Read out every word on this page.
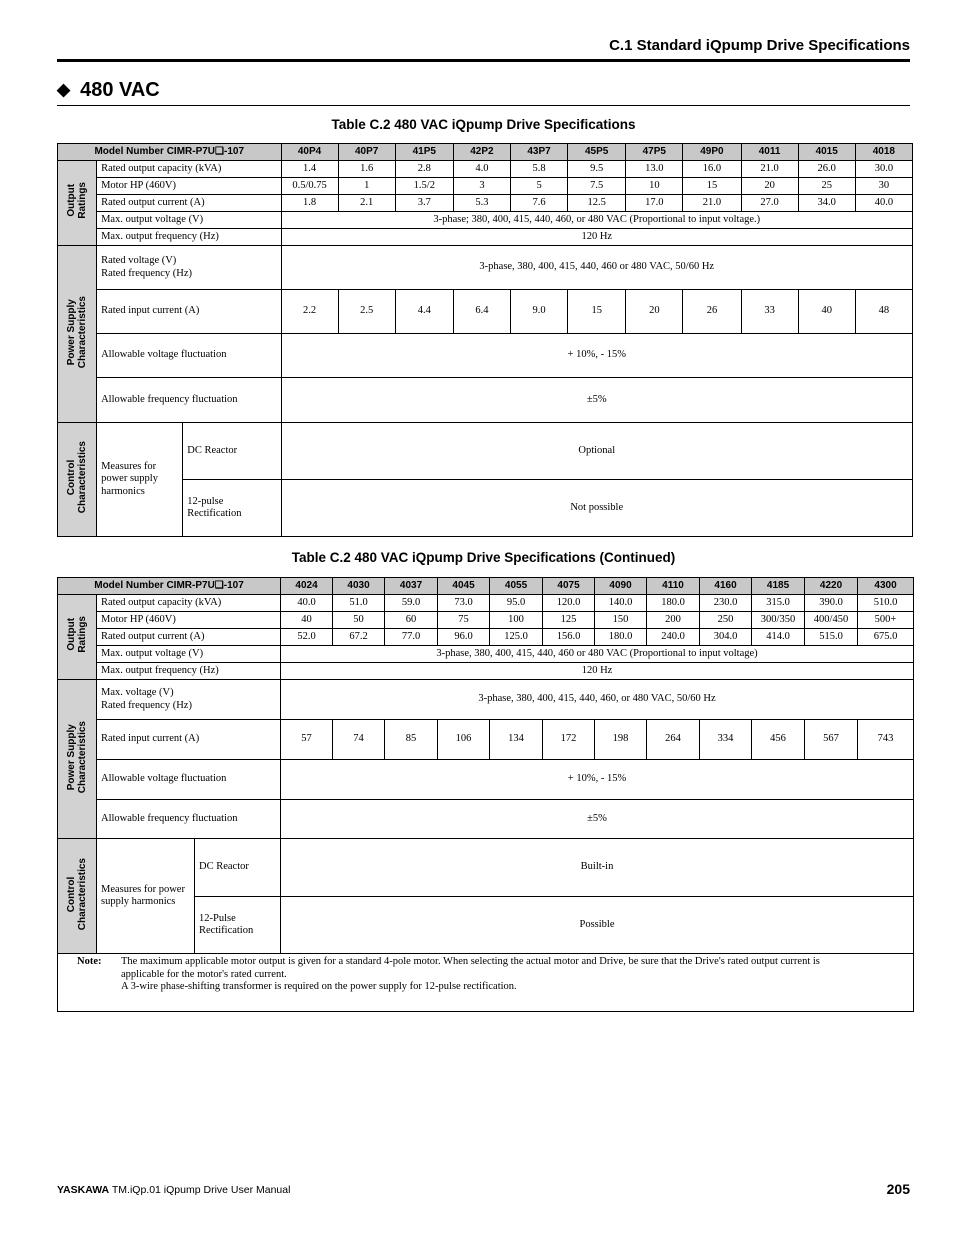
C.1 Standard iQpump Drive Specifications
◆ 480 VAC
Table C.2 480 VAC iQpump Drive Specifications
Model Number CIMR-P7U❑-107			40P4	40P7	41P5	42P2	43P7	45P5	47P5	49P0	4011	4015	4018
Output
Ratings	Rated output capacity (kVA)		1.4	1.6	2.8	4.0	5.8	9.5	13.0	16.0	21.0	26.0	30.0
	Motor HP (460V)		0.5/0.75	1	1.5/2	3	5	7.5	10	15	20	25	30
	Rated output current (A)		1.8	2.1	3.7	5.3	7.6	12.5	17.0	21.0	27.0	34.0	40.0
	Max. output voltage (V)		3-phase; 380, 400, 415, 440, 460, or 480 VAC (Proportional to input voltage.)										
	Max. output frequency (Hz)		120 Hz										
Power Supply
Characteristics	Rated voltage (V)
Rated frequency (Hz)		3-phase, 380, 400, 415, 440, 460 or 480 VAC, 50/60 Hz										
	Rated input current (A)		2.2	2.5	4.4	6.4	9.0	15	20	26	33	40	48
	Allowable voltage fluctuation		+ 10%, - 15%										
	Allowable frequency fluctuation		±5%										
Control
Characteristics	Measures for
power supply
harmonics	DC Reactor	Optional										
		12-pulse
Rectification	Not possible										
Table C.2 480 VAC iQpump Drive Specifications (Continued)
Model Number CIMR-P7U❑-107			4024	4030	4037	4045	4055	4075	4090	4110	4160	4185	4220	4300
Output
Ratings	Rated output capacity (kVA)		40.0	51.0	59.0	73.0	95.0	120.0	140.0	180.0	230.0	315.0	390.0	510.0
	Motor HP (460V)		40	50	60	75	100	125	150	200	250	300/350	400/450	500+
	Rated output current (A)		52.0	67.2	77.0	96.0	125.0	156.0	180.0	240.0	304.0	414.0	515.0	675.0
	Max. output voltage (V)		3-phase, 380, 400, 415, 440, 460 or 480 VAC (Proportional to input voltage)											
	Max. output frequency (Hz)		120 Hz											
Power Supply
Characteristics	Max. voltage (V)
Rated frequency (Hz)		3-phase, 380, 400, 415, 440, 460, or 480 VAC, 50/60 Hz											
	Rated input current (A)		57	74	85	106	134	172	198	264	334	456	567	743
	Allowable voltage fluctuation		+ 10%, - 15%											
	Allowable frequency fluctuation		±5%											
Control
Characteristics	Measures for power
supply harmonics	DC Reactor	Built-in											
		12-Pulse
Rectification	Possible											

Note: The maximum applicable motor output is given for a standard 4-pole motor. When selecting the actual motor and Drive, be sure that the Drive's rated output current is applicable for the motor's rated current.

A 3-wire phase-shifting transformer is required on the power supply for 12-pulse rectification.

YASKAWA TM.iQp.01 iQpump Drive User Manual	205
